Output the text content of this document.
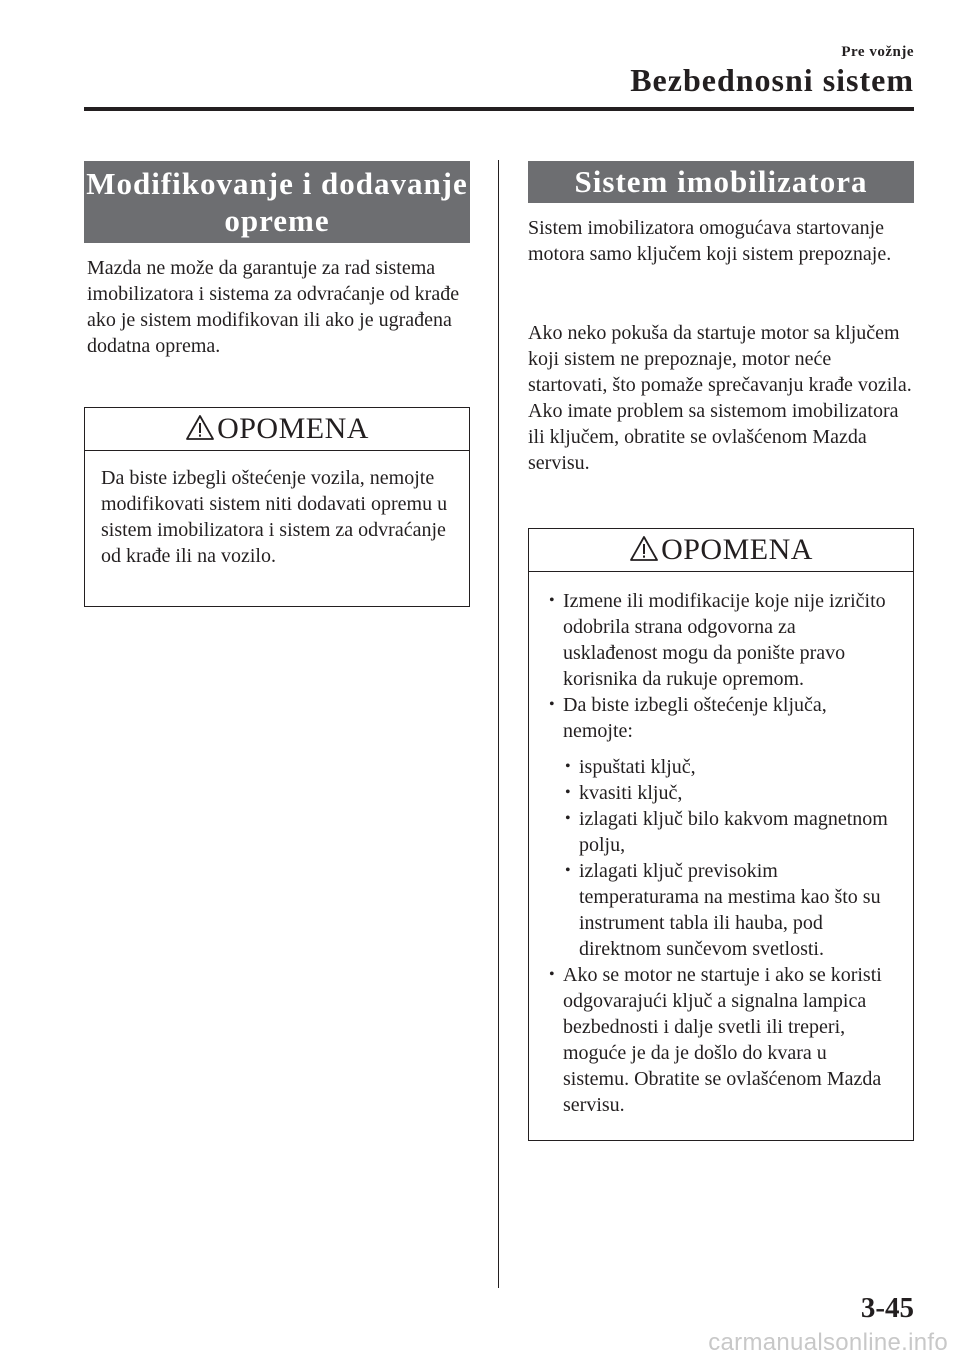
Pre vožnje
Bezbednosni sistem
Modifikovanje i dodavanje opreme

Mazda ne može da garantuje za rad sistema imobilizatora i sistema za odvraćanje od krađe ako je sistem modifikovan ili ako je ugrađena dodatna oprema.

OPOMENA

Da biste izbegli oštećenje vozila, nemojte modifikovati sistem niti dodavati opremu u sistem imobilizatora i sistem za odvraćanje od krađe ili na vozilo.

Sistem imobilizatora

Sistem imobilizatora omogućava startovanje motora samo ključem koji sistem prepoznaje.

Ako neko pokuša da startuje motor sa ključem koji sistem ne prepoznaje, motor neće startovati, što pomaže sprečavanju krađe vozila. Ako imate problem sa sistemom imobilizatora ili ključem, obratite se ovlašćenom Mazda servisu.

OPOMENA
• Izmene ili modifikacije koje nije izričito odobrila strana odgovorna za usklađenost mogu da ponište pravo korisnika da rukuje opremom.
• Da biste izbegli oštećenje ključa, nemojte:
• ispuštati ključ,
• kvasiti ključ,
• izlagati ključ bilo kakvom magnetnom polju,
• izlagati ključ previsokim temperaturama na mestima kao što su instrument tabla ili hauba, pod direktnom sunčevom svetlosti.
• Ako se motor ne startuje i ako se koristi odgovarajući ključ a signalna lampica bezbednosti i dalje svetli ili treperi, moguće je da je došlo do kvara u sistemu. Obratite se ovlašćenom Mazda servisu.
3-45
carmanualsonline.info
